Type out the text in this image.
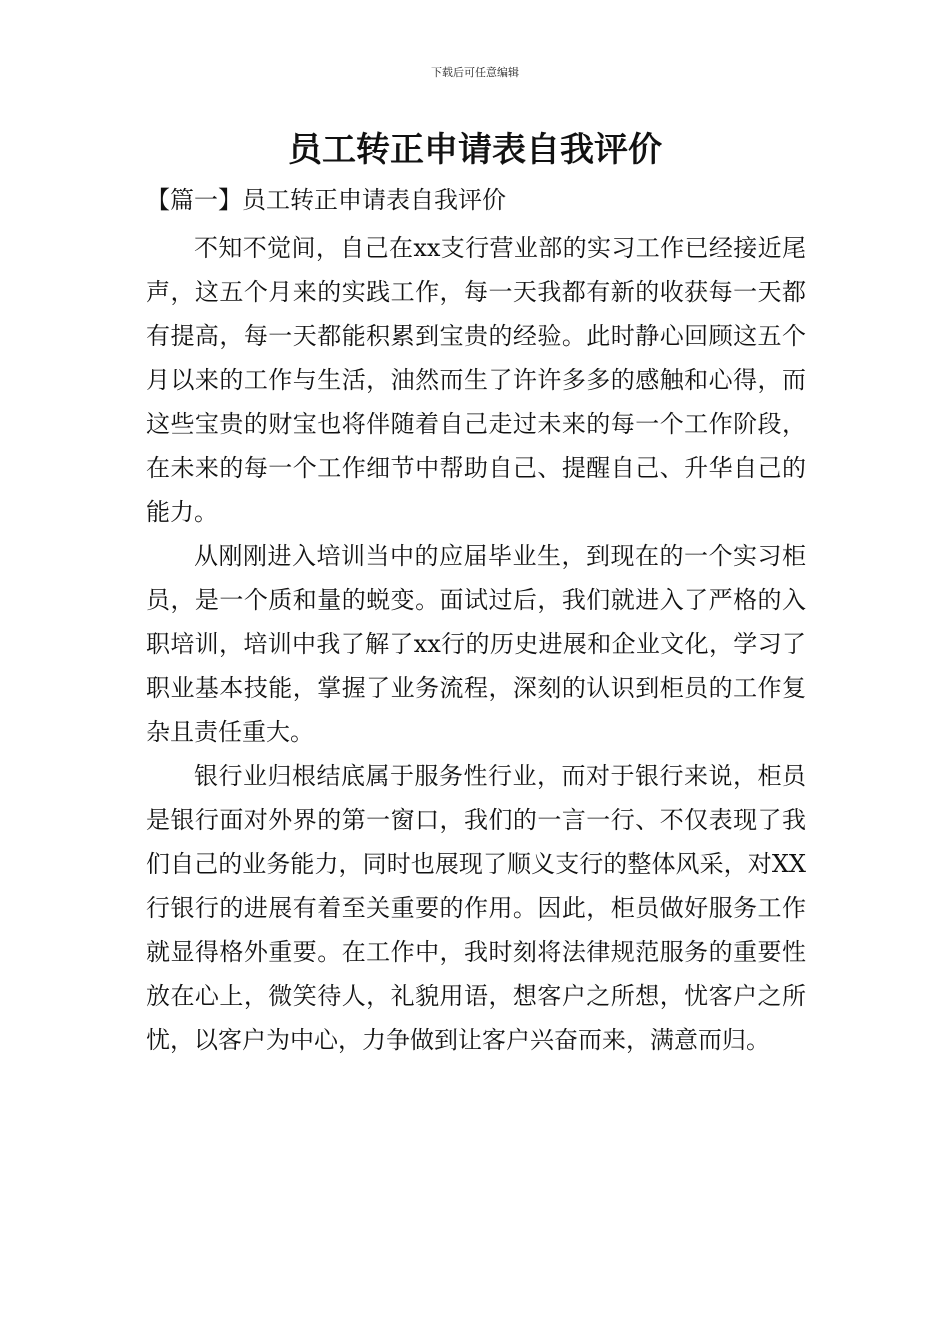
下载后可任意编辑
员工转正申请表自我评价
【篇一】员工转正申请表自我评价

不知不觉间，自己在xx支行营业部的实习工作已经接近尾声，这五个月来的实践工作，每一天我都有新的收获每一天都有提高，每一天都能积累到宝贵的经验。此时静心回顾这五个月以来的工作与生活，油然而生了许许多多的感触和心得，而这些宝贵的财宝也将伴随着自己走过未来的每一个工作阶段，在未来的每一个工作细节中帮助自己、提醒自己、升华自己的能力。

从刚刚进入培训当中的应届毕业生，到现在的一个实习柜员，是一个质和量的蜕变。面试过后，我们就进入了严格的入职培训，培训中我了解了xx行的历史进展和企业文化，学习了职业基本技能，掌握了业务流程，深刻的认识到柜员的工作复杂且责任重大。

银行业归根结底属于服务性行业，而对于银行来说，柜员是银行面对外界的第一窗口，我们的一言一行、不仅表现了我们自己的业务能力，同时也展现了顺义支行的整体风采，对XX行银行的进展有着至关重要的作用。因此，柜员做好服务工作就显得格外重要。在工作中，我时刻将法律规范服务的重要性放在心上，微笑待人，礼貌用语，想客户之所想，忧客户之所忧，以客户为中心，力争做到让客户兴奋而来，满意而归。
